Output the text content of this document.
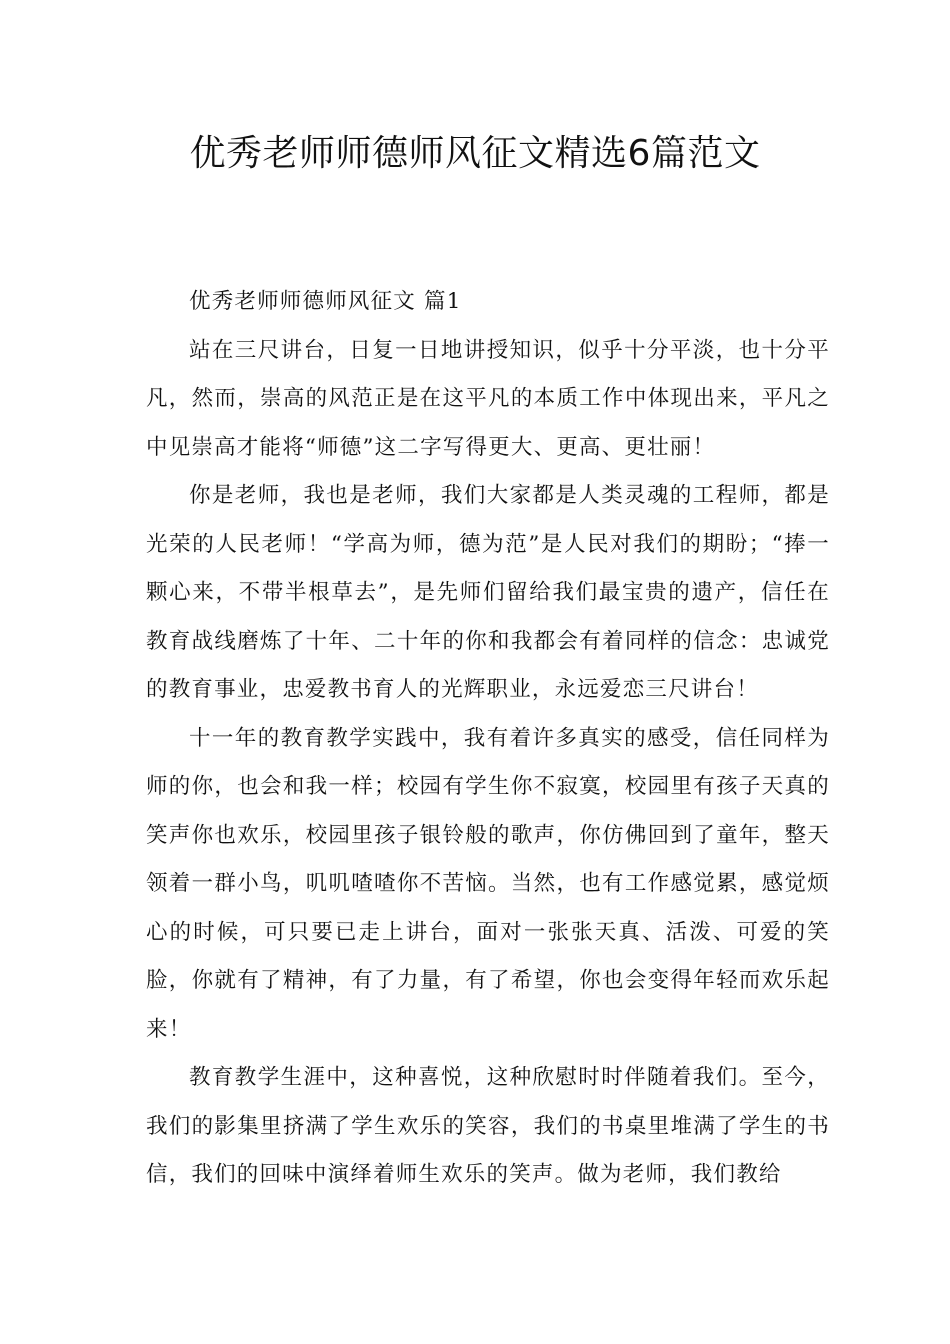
优秀老师师德师风征文精选6篇范文

优秀老师师德师风征文 篇1

站在三尺讲台，日复一日地讲授知识，似乎十分平淡，也十分平凡，然而，崇高的风范正是在这平凡的本质工作中体现出来，平凡之中见崇高才能将“师德”这二字写得更大、更高、更壮丽！

你是老师，我也是老师，我们大家都是人类灵魂的工程师，都是光荣的人民老师！“学高为师，德为范”是人民对我们的期盼；“捧一颗心来，不带半根草去”，是先师们留给我们最宝贵的遗产，信任在教育战线磨炼了十年、二十年的你和我都会有着同样的信念：忠诚党的教育事业，忠爱教书育人的光辉职业，永远爱恋三尺讲台！

十一年的教育教学实践中，我有着许多真实的感受，信任同样为师的你，也会和我一样；校园有学生你不寂寞，校园里有孩子天真的笑声你也欢乐，校园里孩子银铃般的歌声，你仿佛回到了童年，整天领着一群小鸟，叽叽喳喳你不苦恼。当然，也有工作感觉累，感觉烦心的时候，可只要已走上讲台，面对一张张天真、活泼、可爱的笑脸，你就有了精神，有了力量，有了希望，你也会变得年轻而欢乐起来！

教育教学生涯中，这种喜悦，这种欣慰时时伴随着我们。至今，我们的影集里挤满了学生欢乐的笑容，我们的书桌里堆满了学生的书信，我们的回味中演绎着师生欢乐的笑声。做为老师，我们教给
